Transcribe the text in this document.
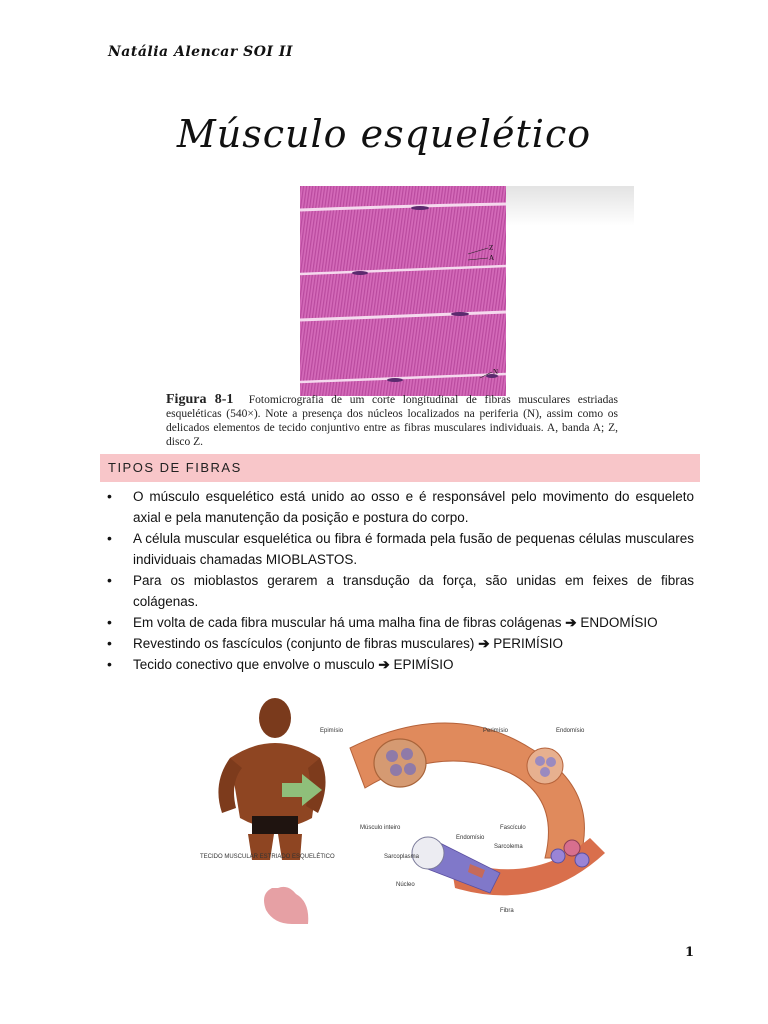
Natália Alencar SOI II
Músculo esquelético
Z
A
N
Figura 8-1 Fotomicrografia de um corte longitudinal de fibras musculares estriadas esqueléticas (540×). Note a presença dos núcleos localizados na periferia (N), assim como os delicados elementos de tecido conjuntivo entre as fibras musculares individuais. A, banda A; Z, disco Z.
TIPOS DE FIBRAS
• O músculo esquelético está unido ao osso e é responsável pelo movimento do esqueleto axial e pela manutenção da posição e postura do corpo.
• A célula muscular esquelética ou fibra é formada pela fusão de pequenas células musculares individuais chamadas MIOBLASTOS.
• Para os mioblastos gerarem a transdução da força, são unidas em feixes de fibras colágenas.
• Em volta de cada fibra muscular há uma malha fina de fibras colágenas ➔ ENDOMÍSIO
• Revestindo os fascículos (conjunto de fibras musculares) ➔ PERIMÍSIO
• Tecido conectivo que envolve o musculo ➔ EPIMÍSIO
Epimísio	Perimísio	Endomísio
Músculo inteiro	Fascículo
Endomísio
Sarcolema
Sarcoplasma
Núcleo
Fibra
TECIDO MUSCULAR ESTRIADO ESQUELÉTICO
1
